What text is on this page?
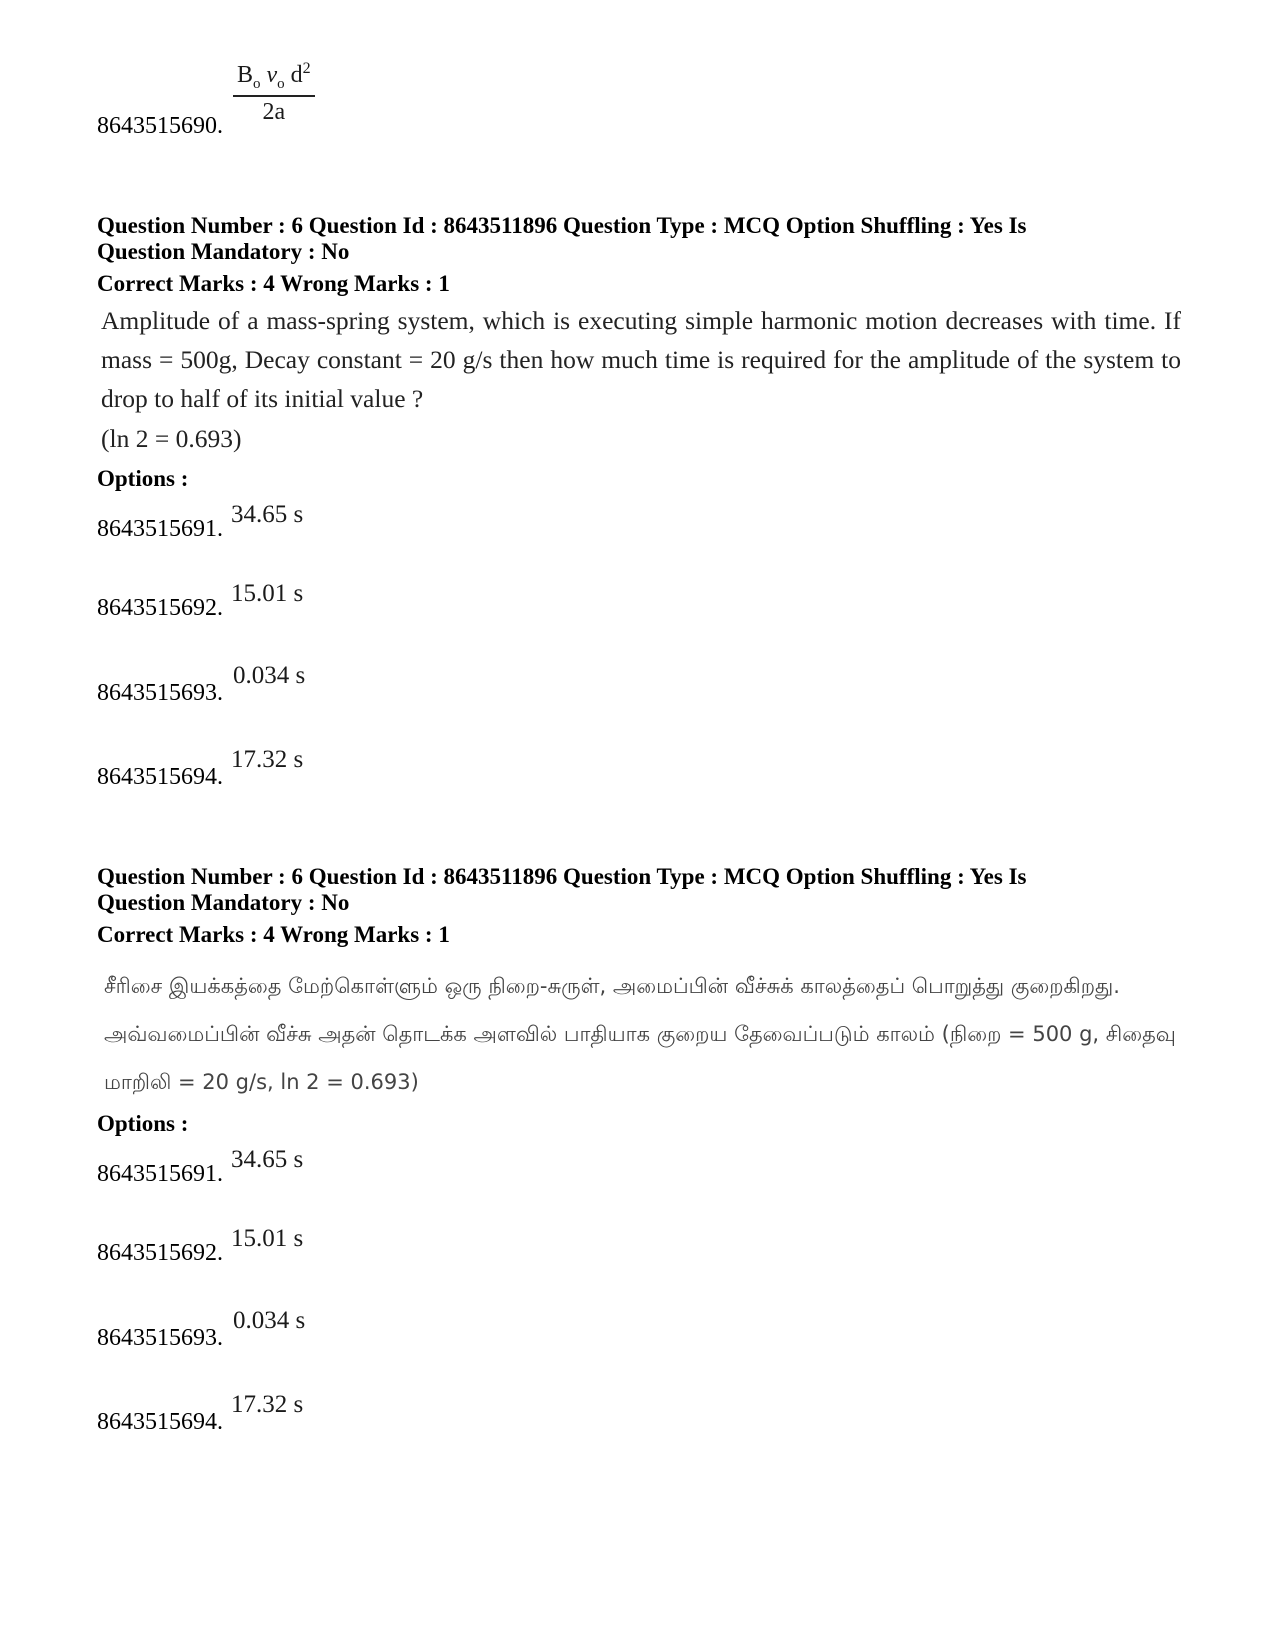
$\frac{B_o v_o d^2}{2a}$
8643515690.
Question Number : 6 Question Id : 8643511896 Question Type : MCQ Option Shuffling : Yes Is
Question Mandatory : No
Correct Marks : 4 Wrong Marks : 1
Amplitude of a mass-spring system, which is executing simple harmonic motion decreases with time. If mass = 500g, Decay constant = 20 g/s then how much time is required for the amplitude of the system to drop to half of its initial value ?
(ln 2 = 0.693)
Options :
8643515691.
34.65 s
8643515692.
15.01 s
8643515693.
0.034 s
8643515694.
17.32 s
Question Number : 6 Question Id : 8643511896 Question Type : MCQ Option Shuffling : Yes Is
Question Mandatory : No
Correct Marks : 4 Wrong Marks : 1
சீரிசை இயக்கத்தை மேற்கொள்ளும் ஒரு நிறை-சுருள், அமைப்பின் வீச்சுக் காலத்தைப் பொறுத்து குறைகிறது. அவ்வமைப்பின் வீச்சு அதன் தொடக்க அளவில் பாதியாக குறைய தேவைப்படும் காலம் (நிறை = 500 g, சிதைவு மாறிலி = 20 g/s, ln 2 = 0.693)
Options :
8643515691.
34.65 s
8643515692.
15.01 s
8643515693.
0.034 s
8643515694.
17.32 s
